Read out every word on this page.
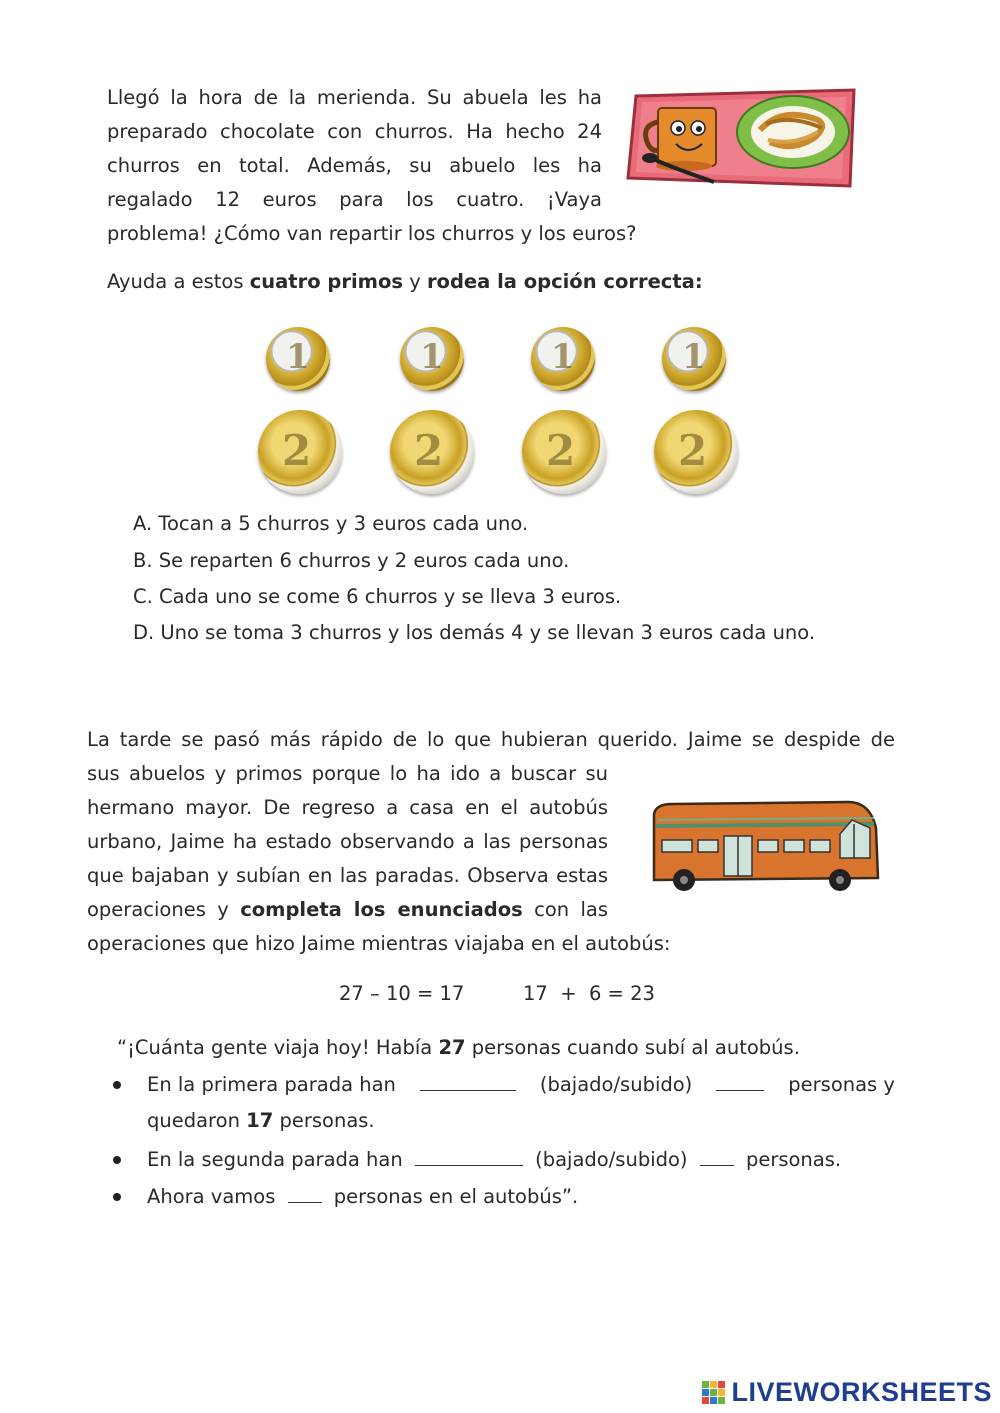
Llegó la hora de la merienda. Su abuela les ha
preparado chocolate con churros. Ha hecho 24
churros en total. Además, su abuelo les ha
regalado 12 euros para los cuatro. ¡Vaya
problema! ¿Cómo van repartir los churros y los euros?
Ayuda a estos cuatro primos y rodea la opción correcta:
1	1	1	1
2 2 2 2
A. Tocan a 5 churros y 3 euros cada uno.
B. Se reparten 6 churros y 2 euros cada uno.
C. Cada uno se come 6 churros y se lleva 3 euros.
D. Uno se toma 3 churros y los demás 4 y se llevan 3 euros cada uno.
La tarde se pasó más rápido de lo que hubieran querido. Jaime se despide de
sus abuelos y primos porque lo ha ido a buscar su
hermano mayor. De regreso a casa en el autobús
urbano, Jaime ha estado observando a las personas
que bajaban y subían en las paradas. Observa estas
operaciones y completa los enunciados con las
operaciones que hizo Jaime mientras viajaba en el autobús:
27 – 10 = 17	17  +  6 = 23
“¡Cuánta gente viaja hoy! Había 27 personas cuando subí al autobús.
En la primera parada han	(bajado/subido)	personas y
quedaron 17 personas.
En la segunda parada han	(bajado/subido)	personas.
Ahora vamos	personas en el autobús”.
LIVEWORKSHEETS
